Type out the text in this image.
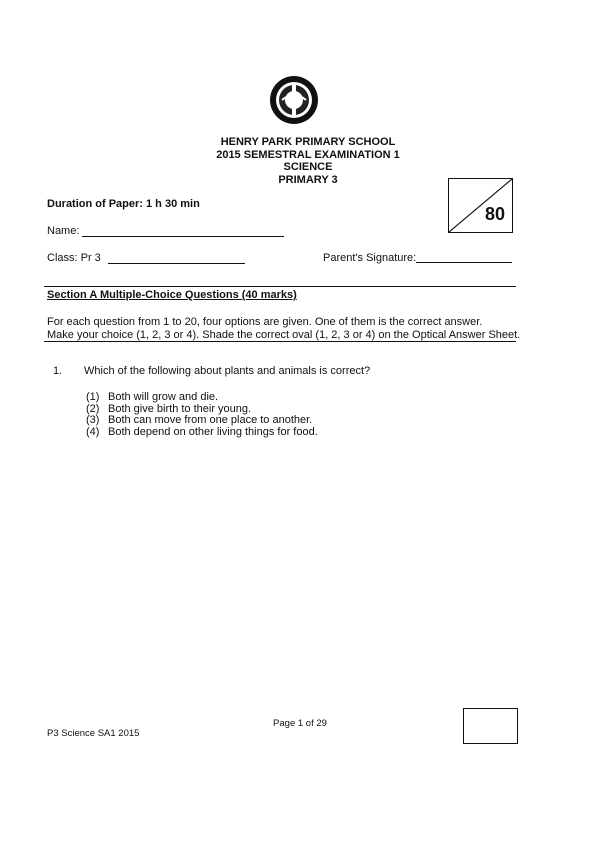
HENRY PARK PRIMARY SCHOOL
2015 SEMESTRAL EXAMINATION 1
SCIENCE
PRIMARY 3
Duration of Paper: 1 h 30 min	80
Name:
Class: Pr 3	Parent's Signature:
Section A Multiple-Choice Questions (40 marks)
For each question from 1 to 20, four options are given. One of them is the correct answer.
Make your choice (1, 2, 3 or 4). Shade the correct oval (1, 2, 3 or 4) on the Optical Answer Sheet.
1. Which of the following about plants and animals is correct?
(1) Both will grow and die.
(2) Both give birth to their young.
(3) Both can move from one place to another.
(4) Both depend on other living things for food.
Page 1 of 29
P3 Science SA1 2015
